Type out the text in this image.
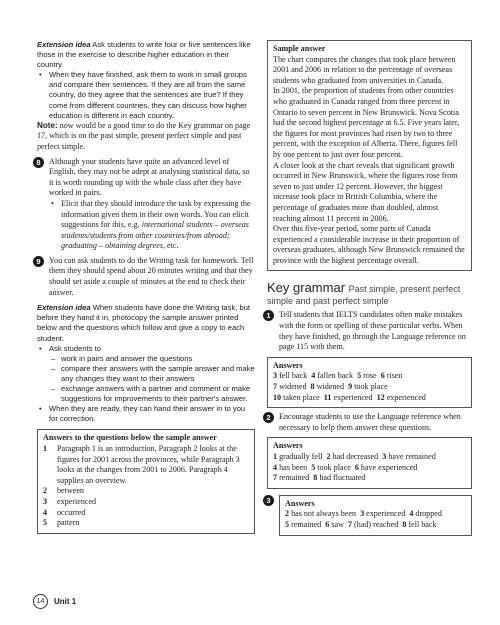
Extension idea Ask students to write four or five sentences like those in the exercise to describe higher education in their country.

• When they have finished, ask them to work in small groups and compare their sentences. If they are all from the same country, do they agree that the sentences are true? If they come from different countries, they can discuss how higher education is different in each country.

Note: now would be a good time to do the Key grammar on page 17, which is on the past simple, present perfect simple and past perfect simple.

8	Although your students have quite an advanced level of English, they may not be adept at analysing statistical data, so it is worth rounding up with the whole class after they have worked in pairs.

• Elicit that they should introduce the task by expressing the information given them in their own words. You can elicit suggestions for this, e.g. international students – overseas students/students from other countries/from abroad; graduating – obtaining degrees, etc.
9	You can ask students to do the Writing task for homework. Tell them they should spend about 20 minutes writing and that they should set aside a couple of minutes at the end to check their answer.

Extension idea When students have done the Writing task, but before they hand it in, photocopy the sample answer printed below and the questions which follow and give a copy to each student.

• Ask students to
– work in pairs and answer the questions
– compare their answers with the sample answer and make any changes they want to their answers
– exchange answers with a partner and comment or make suggestions for improvements to their partner's answer.
• When they are ready, they can hand their answer in to you for correction.
Answers to the questions below the sample answer
1 Paragraph 1 is an introduction, Paragraph 2 looks at the figures for 2001 across the provinces, while Paragraph 3 looks at the changes from 2001 to 2006. Paragraph 4 supplies an overview.
2 between
3 experienced
4 occurred
5 pattern
Sample answer

The chart compares the changes that took place between 2001 and 2006 in relation to the percentage of overseas students who graduated from universities in Canada.

In 2001, the proportion of students from other countries who graduated in Canada ranged from three percent in Ontario to seven percent in New Brunswick. Nova Scotia had the second highest percentage at 6.5. Five years later, the figures for most provinces had risen by two to three percent, with the exception of Alberta. There, figures fell by one percent to just over four percent.

A closer look at the chart reveals that significant growth occurred in New Brunswick, where the figures rose from seven to just under 12 percent. However, the biggest increase took place in British Columbia, where the percentage of graduates more than doubled, almost reaching almost 11 percent in 2006.

Over this five-year period, some parts of Canada experienced a considerable increase in their proportion of overseas graduates, although New Brunswick remained the province with the highest percentage overall.

Key grammar Past simple, present perfect
simple and past perfect simple
1	Tell students that IELTS candidates often make mistakes with the form or spelling of these particular verbs. When they have finished, go through the Language reference on page 115 with them.

Answers
3 fell back 4 fallen back 5 rose 6 risen
7 widened 8 widened 9 took place
10 taken place 11 experienced 12 experienced
2	Encourage students to use the Language reference when necessary to help them answer these questions.

Answers
1 gradually fell 2 had decreased 3 have remained
4 has been 5 took place 6 have experienced
7 remained 8 had fluctuated
3	Answers
2 has not always been 3 experienced 4 dropped
5 remained 6 saw 7 (had) reached 8 fell back
14	Unit 1
